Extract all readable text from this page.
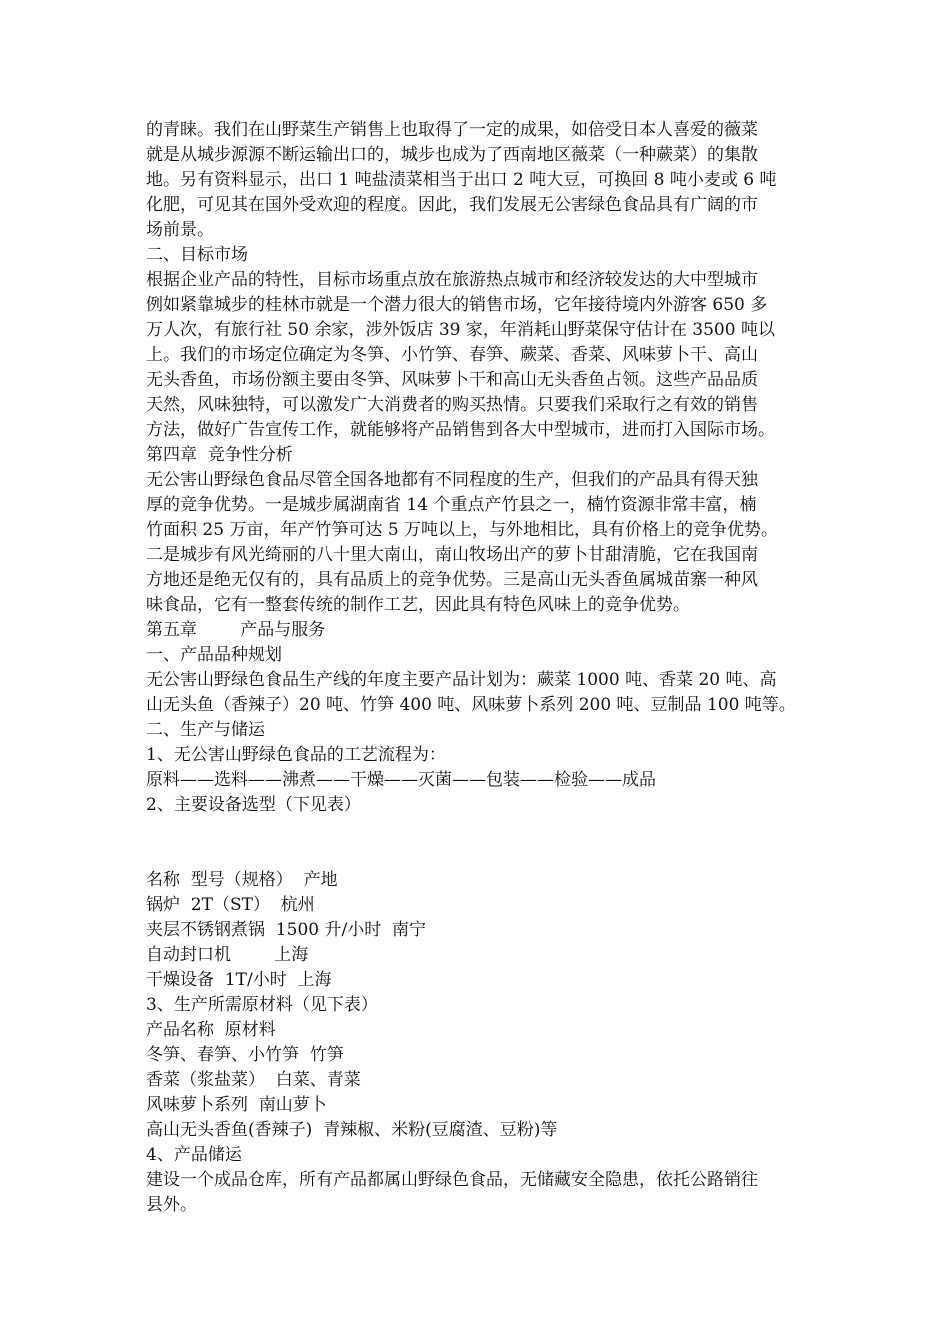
的青睐。我们在山野菜生产销售上也取得了一定的成果，如倍受日本人喜爱的薇菜

就是从城步源源不断运输出口的，城步也成为了西南地区薇菜（一种蕨菜）的集散

地。另有资料显示，出口 1 吨盐渍菜相当于出口 2 吨大豆，可换回 8 吨小麦或 6 吨

化肥，可见其在国外受欢迎的程度。因此，我们发展无公害绿色食品具有广阔的市

场前景。

二、目标市场

根据企业产品的特性，目标市场重点放在旅游热点城市和经济较发达的大中型城市

例如紧靠城步的桂林市就是一个潜力很大的销售市场，它年接待境内外游客 650 多

万人次，有旅行社 50 余家，涉外饭店 39 家，年消耗山野菜保守估计在 3500 吨以

上。我们的市场定位确定为冬笋、小竹笋、春笋、蕨菜、香菜、风味萝卜干、高山

无头香鱼，市场份额主要由冬笋、风味萝卜干和高山无头香鱼占领。这些产品品质

天然，风味独特，可以激发广大消费者的购买热情。只要我们采取行之有效的销售

方法，做好广告宣传工作，就能够将产品销售到各大中型城市，进而打入国际市场。

第四章  竞争性分析

无公害山野绿色食品尽管全国各地都有不同程度的生产，但我们的产品具有得天独

厚的竞争优势。一是城步属湖南省 14 个重点产竹县之一，楠竹资源非常丰富，楠

竹面积 25 万亩，年产竹笋可达 5 万吨以上，与外地相比，具有价格上的竞争优势。

二是城步有风光绮丽的八十里大南山，南山牧场出产的萝卜甘甜清脆，它在我国南

方地还是绝无仅有的，具有品质上的竞争优势。三是高山无头香鱼属城苗寨一种风

味食品，它有一整套传统的制作工艺，因此具有特色风味上的竞争优势。

第五章        产品与服务

一、产品品种规划

无公害山野绿色食品生产线的年度主要产品计划为：蕨菜 1000 吨、香菜 20 吨、高

山无头鱼（香辣子）20 吨、竹笋 400 吨、风味萝卜系列 200 吨、豆制品 100 吨等。

二、生产与储运

1、无公害山野绿色食品的工艺流程为：

原料——选料——沸煮——干燥——灭菌——包装——检验——成品

2、主要设备选型（下见表）

名称  型号（规格）  产地

锅炉  2T（ST）  杭州

夹层不锈钢煮锅  1500 升/小时  南宁

自动封口机        上海

干燥设备  1T/小时  上海

3、生产所需原材料（见下表）

产品名称  原材料

冬笋、春笋、小竹笋  竹笋

香菜（浆盐菜）  白菜、青菜

风味萝卜系列  南山萝卜

高山无头香鱼(香辣子)  青辣椒、米粉(豆腐渣、豆粉)等

4、产品储运

建设一个成品仓库，所有产品都属山野绿色食品，无储藏安全隐患，依托公路销往

县外。
